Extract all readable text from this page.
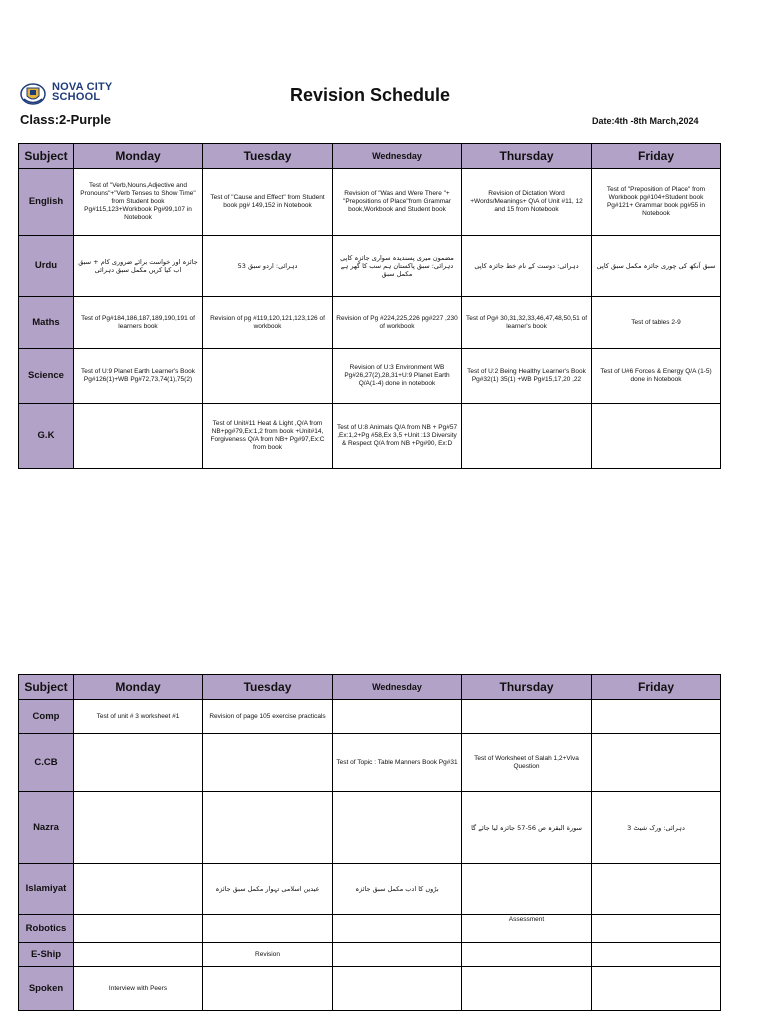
NOVA CITY
SCHOOL	Revision Schedule
Class:2-Purple	Date:4th -8th March,2024
Subject	Monday	Tuesday	Wednesday	Thursday	Friday
English	Test of "Verb,Nouns,Adjective and Pronouns"+"Verb Tenses to Show Time" from Student book Pg#115,123+Workbook Pg#99,107 in Notebook	Test of "Cause and Effect" from Student book pg# 149,152 in Notebook	Revision of "Was and Were There "+ "Prepositions of Place"from Grammar book,Workbook and Student book	Revision of Dictation Word +Words/Meanings+ Q\A of Unit #11, 12 and 15 from Notebook	Test of "Preposition of Place" from Workbook pg#104+Student book Pg#121+ Grammar book pg#55 in Notebook
Urdu	جائزہ اور خواست برائے ضروری کام + سبق اب کیا کریں مکمل سبق دہرائی	دہرائی: اردو سبق 53	مضمون میری پسندیدہ سواری جائزہ کاپی دہرائی: سبق پاکستان ہم سب کا گھر ہے مکمل سبق	دہرائی: دوست کے نام خط جائزہ کاپی	سبق آنکھ کی چوری جائزہ مکمل سبق کاپی
Maths	Test of Pg#184,186,187,189,190,191 of learners book	Revision of pg #119,120,121,123,126 of workbook	Revision of Pg #224,225,226 pg#227 ,230 of workbook	Test of Pg# 30,31,32,33,46,47,48,50,51 of learner's book	Test of tables 2-9
Science	Test of U:9 Planet Earth Learner's Book Pg#126(1)+WB Pg#72,73,74(1),75(2)		Revision of U:3 Environment WB Pg#26,27(2),28,31+U:9 Planet Earth Q/A(1-4) done in notebook	Test of U:2 Being Healthy Learner's Book Pg#32(1) 35(1) +WB Pg#15,17,20 ,22	Test of U#6 Forces & Energy Q/A (1-5) done in Notebook
G.K		Test of Unit#11 Heat & Light ,Q/A from NB+pg#79,Ex:1,2 from book +Unit#14, Forgiveness Q/A from NB+ Pg#97,Ex:C from book	Test of U:8 Animals Q/A from NB + Pg#57 ,Ex:1,2+Pg #58,Ex 3,5 +Unit :13 Diversity & Respect Q/A from NB +Pg#90, Ex:D		
Subject	Monday	Tuesday	Wednesday	Thursday	Friday
Comp	Test of unit # 3 worksheet #1	Revision of page 105 exercise practicals			
C.CB			Test of Topic : Table Manners Book Pg#31	Test of Worksheet of Salah 1,2+Viva Question	
Nazra				سورة البقرہ ص 56-57 جائزہ لیا جائے گا	دہرائی: ورک شیٹ 3
Islamiyat		عیدین اسلامی تہوار مکمل سبق جائزہ	بڑوں کا ادب مکمل سبق جائزہ		
Robotics				Assessment	
E-Ship		Revision			
Spoken	Interview with Peers				
